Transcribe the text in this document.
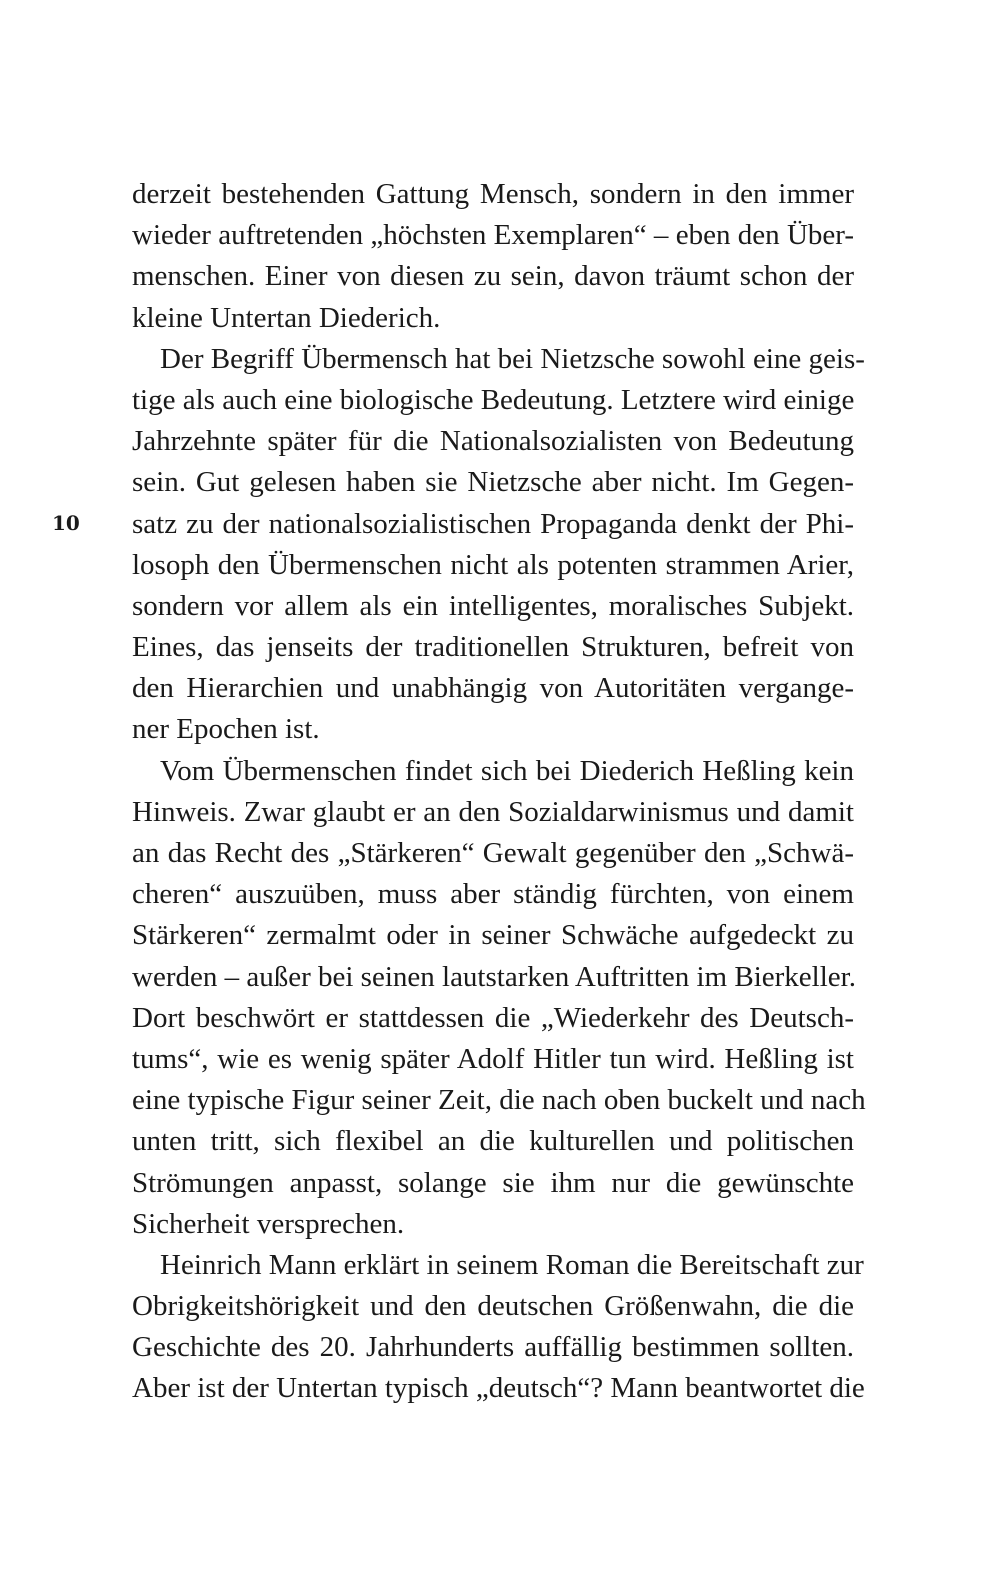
10
derzeit bestehenden Gattung Mensch, sondern in den immer
wieder auftretenden „höchsten Exemplaren“ – eben den Über-
menschen. Einer von diesen zu sein, davon träumt schon der
kleine Untertan Diederich.
Der Begriff Übermensch hat bei Nietzsche sowohl eine geis-
tige als auch eine biologische Bedeutung. Letztere wird einige
Jahrzehnte später für die Nationalsozialisten von Bedeutung
sein. Gut gelesen haben sie Nietzsche aber nicht. Im Gegen-
satz zu der nationalsozialistischen Propaganda denkt der Phi-
losoph den Übermenschen nicht als potenten strammen Arier,
sondern vor allem als ein intelligentes, moralisches Subjekt.
Eines, das jenseits der traditionellen Strukturen, befreit von
den Hierarchien und unabhängig von Autoritäten vergange-
ner Epochen ist.
Vom Übermenschen findet sich bei Diederich Heßling kein
Hinweis. Zwar glaubt er an den Sozialdarwinismus und damit
an das Recht des „Stärkeren“ Gewalt gegenüber den „Schwä-
cheren“ auszuüben, muss aber ständig fürchten, von einem
Stärkeren“ zermalmt oder in seiner Schwäche aufgedeckt zu
werden – außer bei seinen lautstarken Auftritten im Bierkeller.
Dort beschwört er stattdessen die „Wiederkehr des Deutsch-
tums“, wie es wenig später Adolf Hitler tun wird. Heßling ist
eine typische Figur seiner Zeit, die nach oben buckelt und nach
unten tritt, sich flexibel an die kulturellen und politischen
Strömungen anpasst, solange sie ihm nur die gewünschte
Sicherheit versprechen.
Heinrich Mann erklärt in seinem Roman die Bereitschaft zur
Obrigkeitshörigkeit und den deutschen Größenwahn, die die
Geschichte des 20. Jahrhunderts auffällig bestimmen sollten.
Aber ist der Untertan typisch „deutsch“? Mann beantwortet die
